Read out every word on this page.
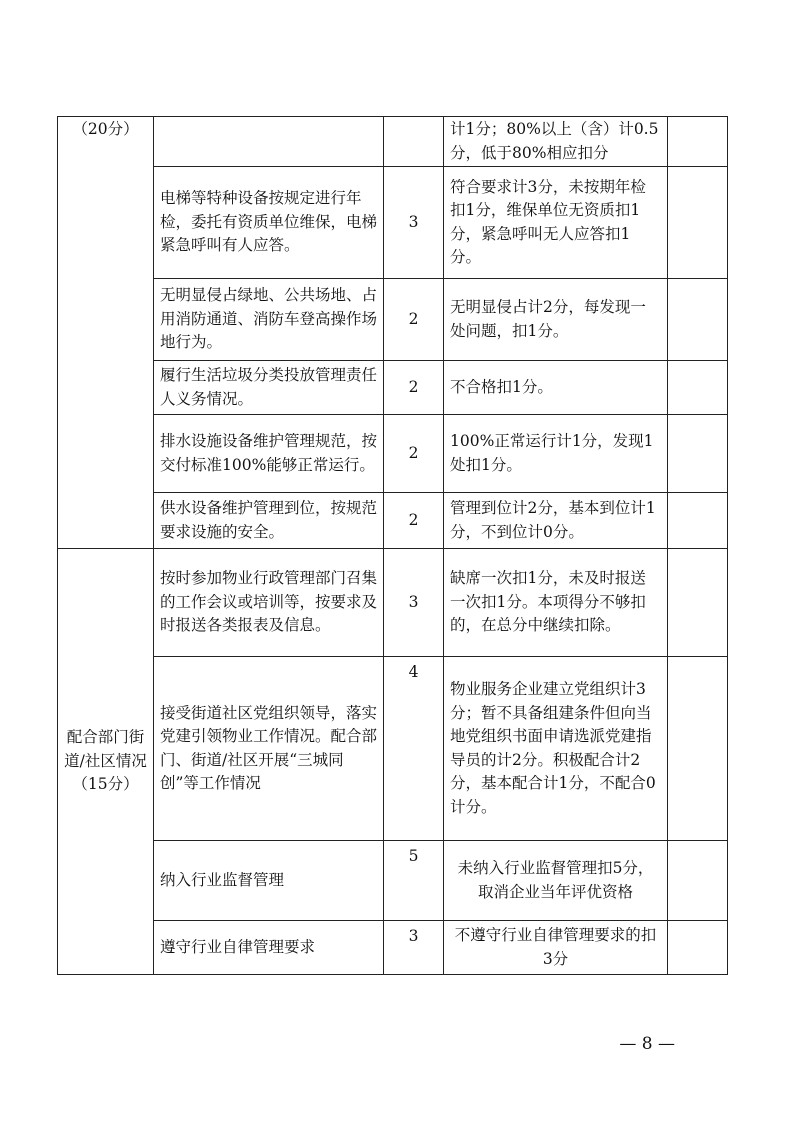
（20分）			计1分；80%以上（含）计0.5分，低于80%相应扣分	
	电梯等特种设备按规定进行年检，委托有资质单位维保，电梯紧急呼叫有人应答。	3	符合要求计3分，未按期年检扣1分，维保单位无资质扣1分，紧急呼叫无人应答扣1分。	
	无明显侵占绿地、公共场地、占用消防通道、消防车登高操作场地行为。	2	无明显侵占计2分，每发现一处问题，扣1分。	
	履行生活垃圾分类投放管理责任人义务情况。	2	不合格扣1分。	
	排水设施设备维护管理规范，按交付标准100%能够正常运行。	2	100%正常运行计1分，发现1处扣1分。	
	供水设备维护管理到位，按规范要求设施的安全。	2	管理到位计2分，基本到位计1分，不到位计0分。	
配合部门街道/社区情况（15分）	按时参加物业行政管理部门召集的工作会议或培训等，按要求及时报送各类报表及信息。	3	缺席一次扣1分，未及时报送一次扣1分。本项得分不够扣的，在总分中继续扣除。	
	接受街道社区党组织领导，落实党建引领物业工作情况。配合部门、街道/社区开展“三城同创”等工作情况	4	物业服务企业建立党组织计3分；暂不具备组建条件但向当地党组织书面申请选派党建指导员的计2分。积极配合计2分，基本配合计1分，不配合0计分。	
	纳入行业监督管理	5	未纳入行业监督管理扣5分，取消企业当年评优资格	
	遵守行业自律管理要求	3	不遵守行业自律管理要求的扣3分	
— 8 —
